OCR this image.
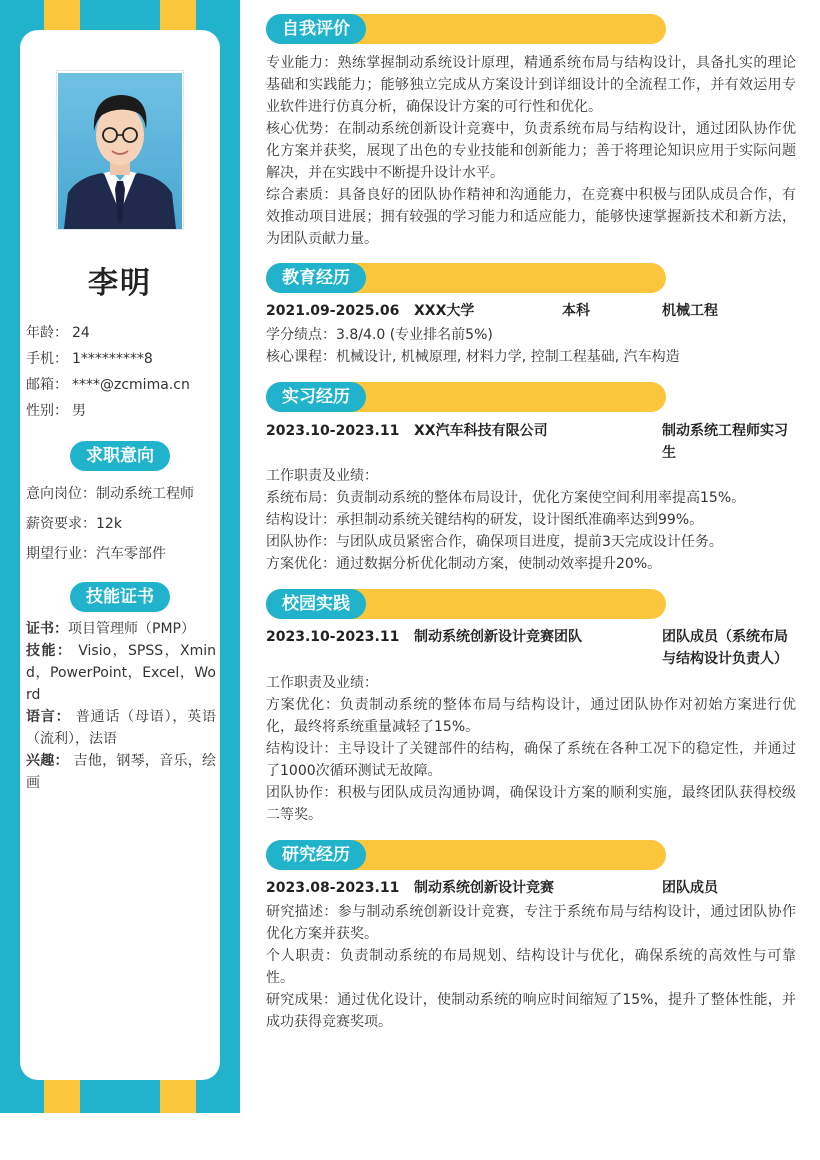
李明
年龄： 24
手机： 1*********8
邮箱： ****@zcmima.cn
性别： 男
求职意向
意向岗位：制动系统工程师
薪资要求：12k
期望行业：汽车零部件
技能证书
证书：项目管理师（PMP）
技能： Visio，SPSS，Xmind，PowerPoint，Excel，Word
语言： 普通话（母语），英语（流利），法语
兴趣： 吉他，钢琴，音乐，绘画
自我评价
专业能力：熟练掌握制动系统设计原理，精通系统布局与结构设计，具备扎实的理论基础和实践能力；能够独立完成从方案设计到详细设计的全流程工作，并有效运用专业软件进行仿真分析，确保设计方案的可行性和优化。
核心优势：在制动系统创新设计竞赛中，负责系统布局与结构设计，通过团队协作优化方案并获奖，展现了出色的专业技能和创新能力；善于将理论知识应用于实际问题解决，并在实践中不断提升设计水平。
综合素质：具备良好的团队协作精神和沟通能力，在竞赛中积极与团队成员合作，有效推动项目进展；拥有较强的学习能力和适应能力，能够快速掌握新技术和新方法，为团队贡献力量。
教育经历
2021.09-2025.06 XXX大学	本科	机械工程
学分绩点：3.8/4.0 (专业排名前5%)
核心课程：机械设计, 机械原理, 材料力学, 控制工程基础, 汽车构造
实习经历
2023.10-2023.11 XX汽车科技有限公司	制动系统工程师实习生
工作职责及业绩：
系统布局：负责制动系统的整体布局设计，优化方案使空间利用率提高15%。
结构设计：承担制动系统关键结构的研发，设计图纸准确率达到99%。
团队协作：与团队成员紧密合作，确保项目进度，提前3天完成设计任务。
方案优化：通过数据分析优化制动方案，使制动效率提升20%。
校园实践
2023.10-2023.11 制动系统创新设计竞赛团队	团队成员（系统布局与结构设计负责人）
工作职责及业绩：
方案优化：负责制动系统的整体布局与结构设计，通过团队协作对初始方案进行优化，最终将系统重量减轻了15%。
结构设计：主导设计了关键部件的结构，确保了系统在各种工况下的稳定性，并通过了1000次循环测试无故障。
团队协作：积极与团队成员沟通协调，确保设计方案的顺利实施，最终团队获得校级二等奖。
研究经历
2023.08-2023.11 制动系统创新设计竞赛	团队成员
研究描述：参与制动系统创新设计竞赛，专注于系统布局与结构设计，通过团队协作优化方案并获奖。
个人职责：负责制动系统的布局规划、结构设计与优化，确保系统的高效性与可靠性。
研究成果：通过优化设计，使制动系统的响应时间缩短了15%，提升了整体性能，并成功获得竞赛奖项。
